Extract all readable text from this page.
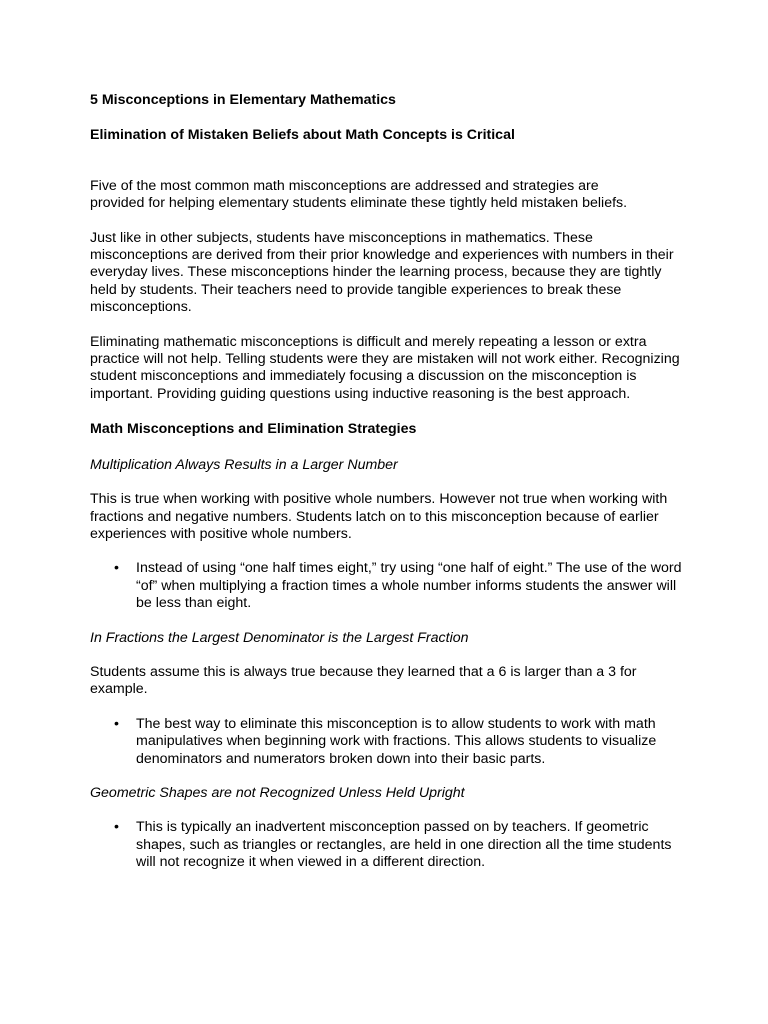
5 Misconceptions in Elementary Mathematics

Elimination of Mistaken Beliefs about Math Concepts is Critical

Five of the most common math misconceptions are addressed and strategies are provided for helping elementary students eliminate these tightly held mistaken beliefs.

Just like in other subjects, students have misconceptions in mathematics. These misconceptions are derived from their prior knowledge and experiences with numbers in their everyday lives. These misconceptions hinder the learning process, because they are tightly held by students. Their teachers need to provide tangible experiences to break these misconceptions.

Eliminating mathematic misconceptions is difficult and merely repeating a lesson or extra practice will not help. Telling students were they are mistaken will not work either. Recognizing student misconceptions and immediately focusing a discussion on the misconception is important. Providing guiding questions using inductive reasoning is the best approach.

Math Misconceptions and Elimination Strategies

Multiplication Always Results in a Larger Number

This is true when working with positive whole numbers. However not true when working with fractions and negative numbers. Students latch on to this misconception because of earlier experiences with positive whole numbers.

• Instead of using “one half times eight,” try using “one half of eight.” The use of the word “of” when multiplying a fraction times a whole number informs students the answer will be less than eight.

In Fractions the Largest Denominator is the Largest Fraction

Students assume this is always true because they learned that a 6 is larger than a 3 for example.

• The best way to eliminate this misconception is to allow students to work with math manipulatives when beginning work with fractions. This allows students to visualize denominators and numerators broken down into their basic parts.

Geometric Shapes are not Recognized Unless Held Upright

• This is typically an inadvertent misconception passed on by teachers. If geometric shapes, such as triangles or rectangles, are held in one direction all the time students will not recognize it when viewed in a different direction.
